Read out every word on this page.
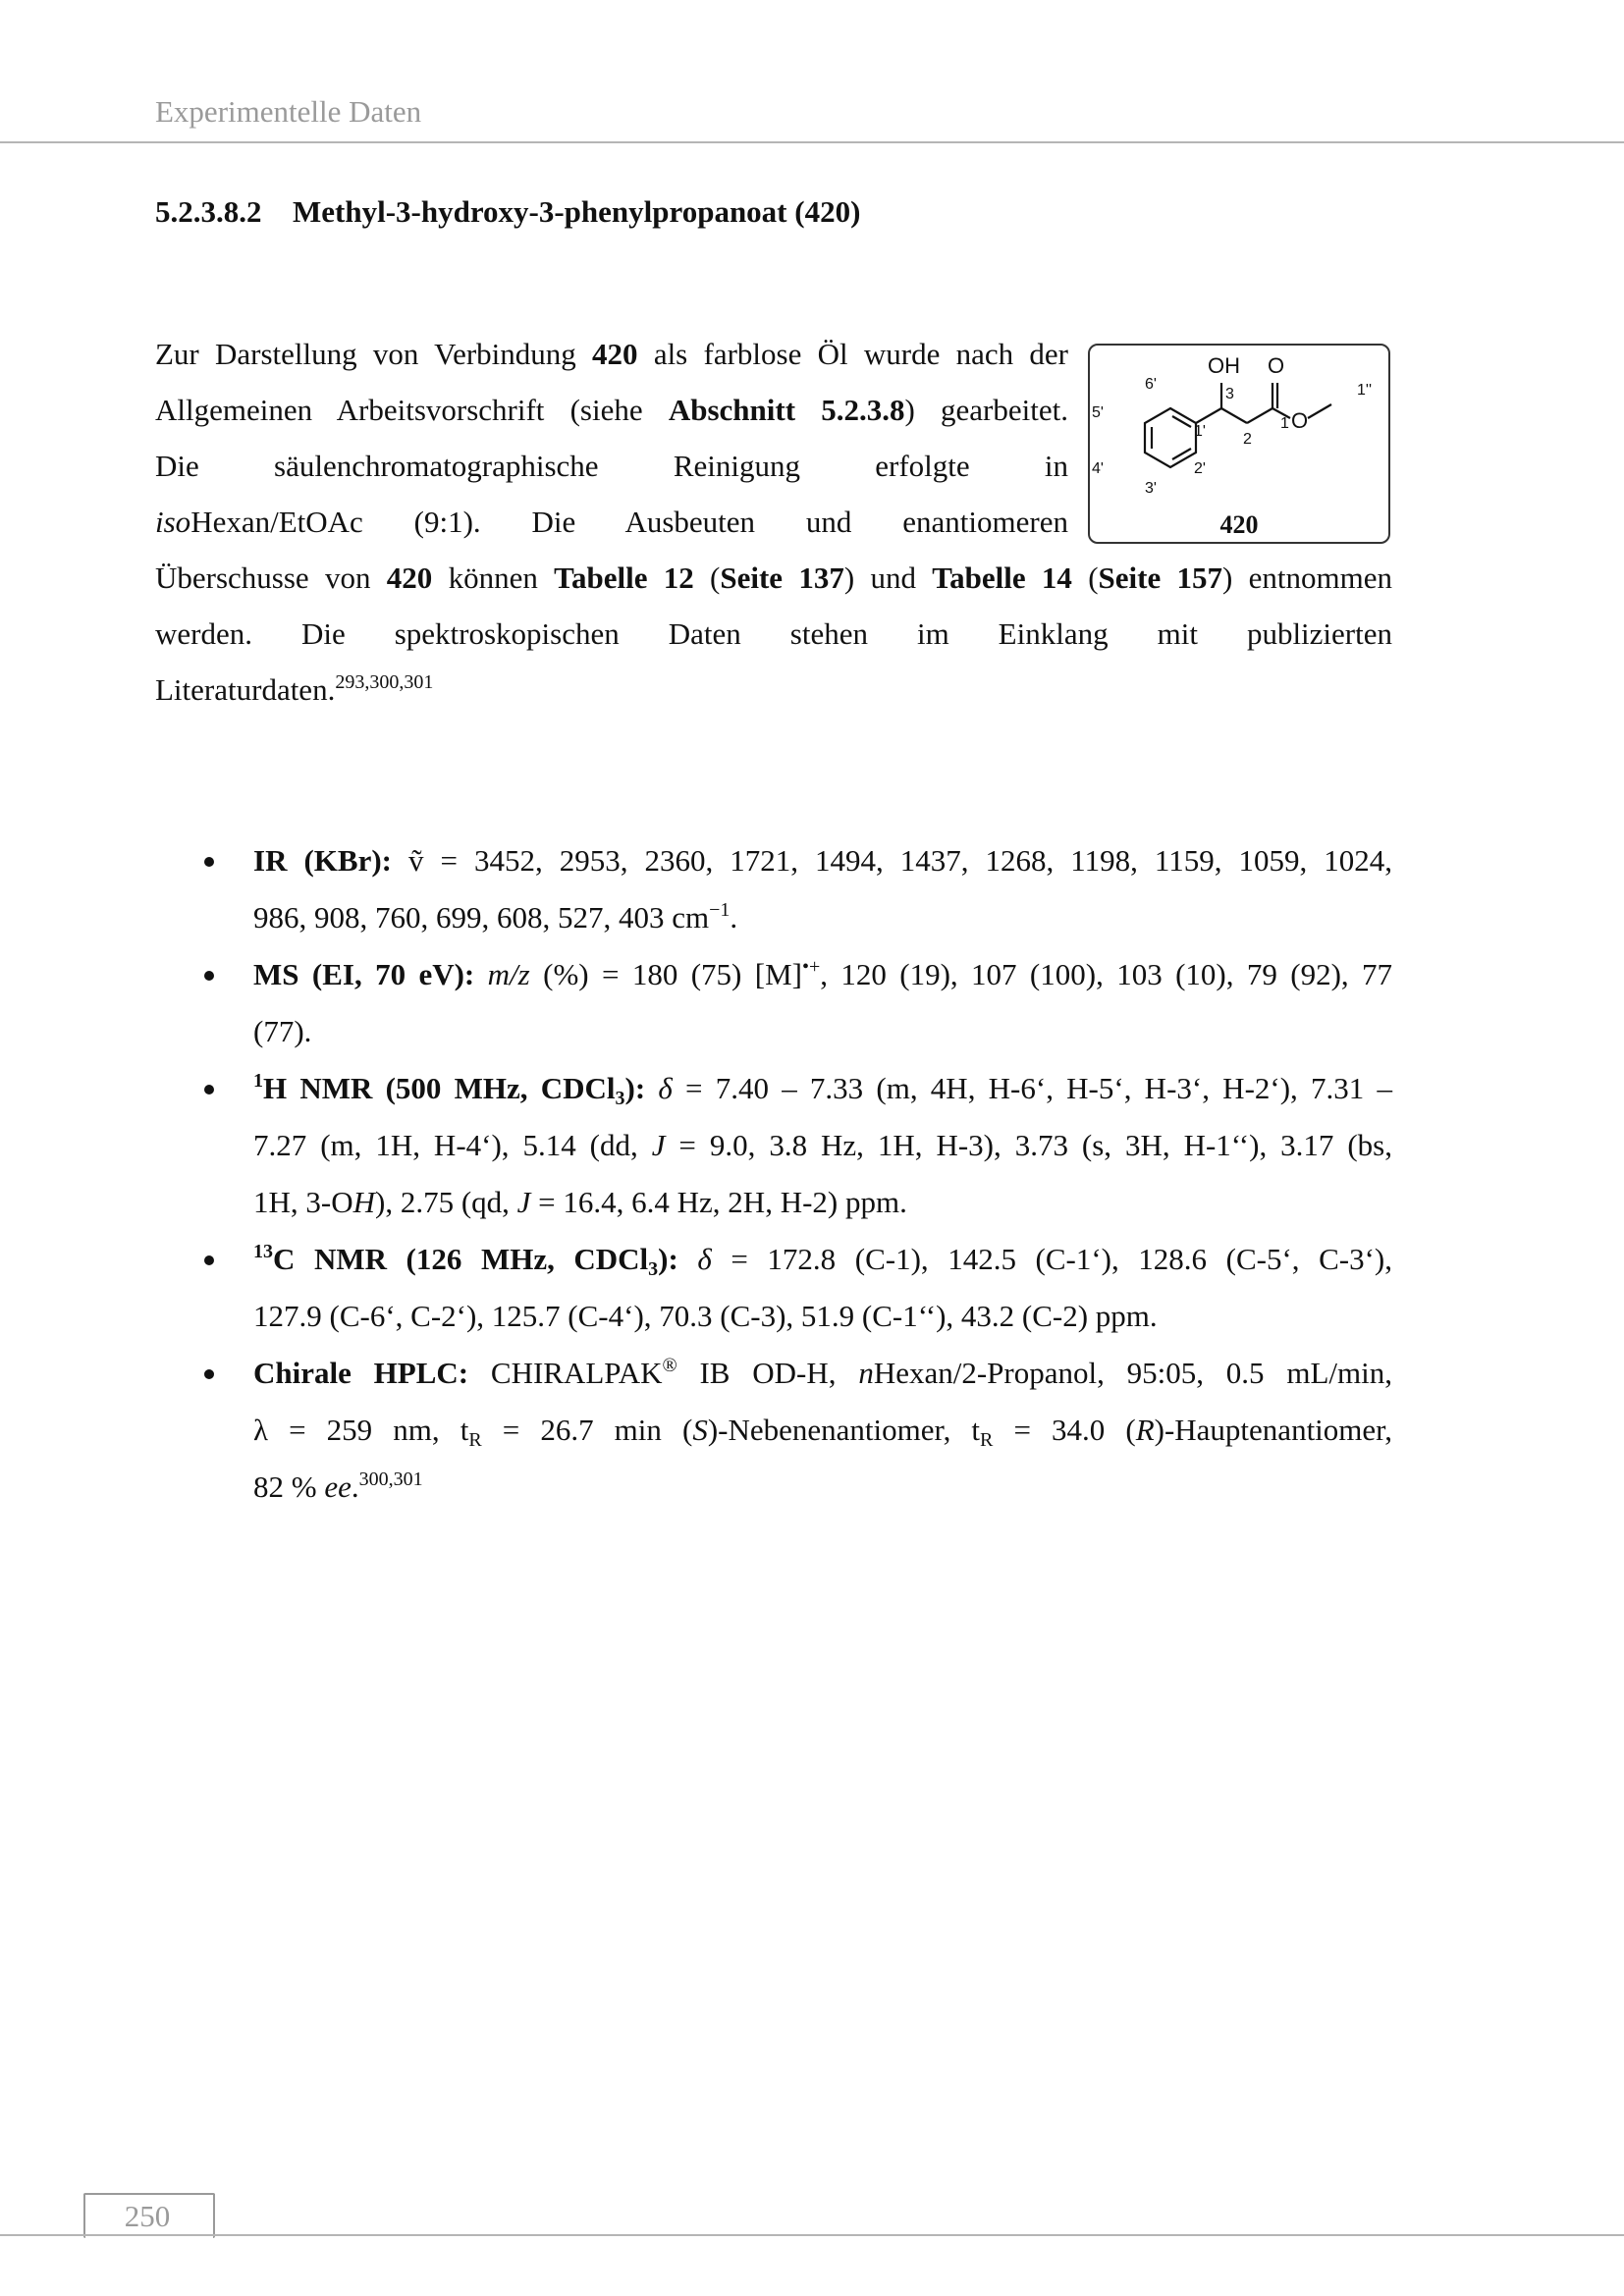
Experimentelle Daten
5.2.3.8.2 Methyl-3-hydroxy-3-phenylpropanoat (420)
Zur Darstellung von Verbindung 420 als farblose Öl wurde nach der
Allgemeinen Arbeitsvorschrift (siehe Abschnitt 5.2.3.8) gearbeitet.
Die säulenchromatographische Reinigung erfolgte in
isoHexan/EtOAc (9:1). Die Ausbeuten und enantiomeren
Überschusse von 420 können Tabelle 12 (Seite 137) und Tabelle 14 (Seite 157) entnommen
werden. Die spektroskopischen Daten stehen im Einklang mit publizierten
Literaturdaten.$^{293,300,301}$
OH O
O
3
2
1
1''
1'
2'
3'
4'
5'
6'
420
IR (KBr): ṽ = 3452, 2953, 2360, 1721, 1494, 1437, 1268, 1198, 1159, 1059, 1024,
986, 908, 760, 699, 608, 527, 403 $cm^{-1}$.
MS (EI, 70 eV): m/z (%) = 180 (75) [M]•+, 120 (19), 107 (100), 103 (10), 79 (92), 77
(77).
$^1$H NMR (500 MHz, CDCl$_3$): δ = 7.40 – 7.33 (m, 4H, H-6‘, H-5‘, H-3‘, H-2‘), 7.31 –
7.27 (m, 1H, H-4‘), 5.14 (dd, J = 9.0, 3.8 Hz, 1H, H-3), 3.73 (s, 3H, H-1‘‘), 3.17 (bs,
1H, 3-OH), 2.75 (qd, J = 16.4, 6.4 Hz, 2H, H-2) ppm.
$^{13}$C NMR (126 MHz, CDCl$_3$): δ = 172.8 (C-1), 142.5 (C-1‘), 128.6 (C-5‘, C-3‘),
127.9 (C-6‘, C-2‘), 125.7 (C-4‘), 70.3 (C-3), 51.9 (C-1‘‘), 43.2 (C-2) ppm.
Chirale HPLC: CHIRALPAK® IB OD-H, nHexan/2-Propanol, 95:05, 0.5 mL/min,
λ = 259 nm, $t_R = 26.7$ min (S)-Nebenenantiomer, $t_R = 34.0$ (R)-Hauptenantiomer,
82 % ee.$^{300,301}$
250
